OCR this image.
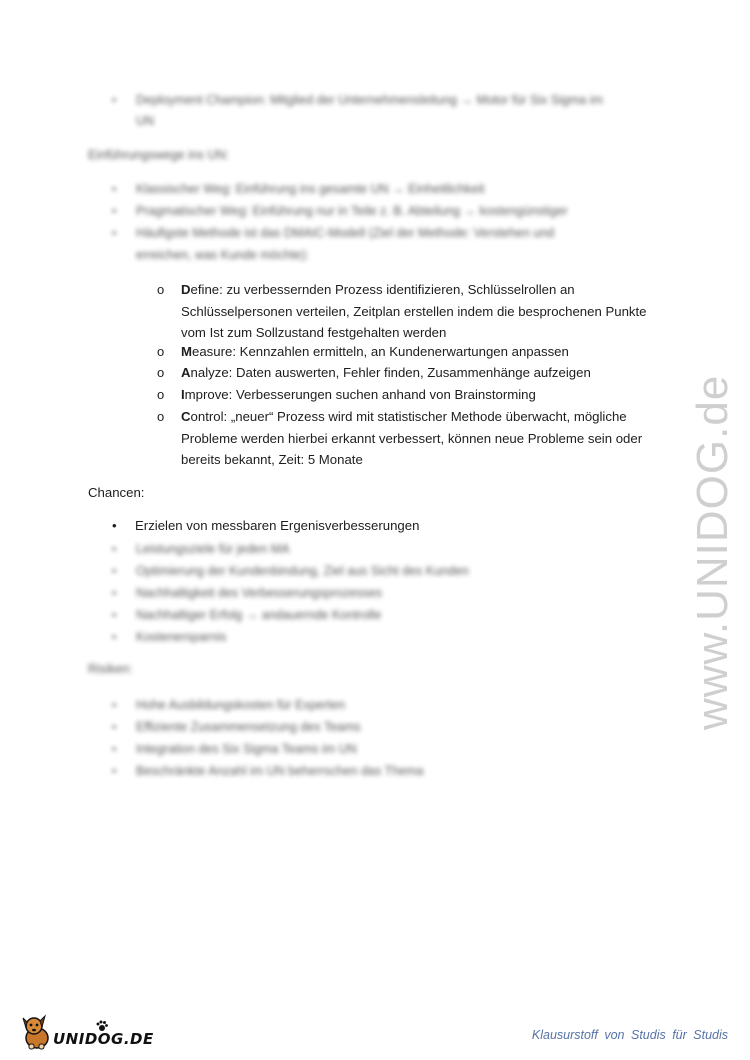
• Deployment Champion: Mitglied der Unternehmensleitung → Motor für Six Sigma im
UN
Einführungswege ins UN:
• Klassischer Weg: Einführung ins gesamte UN → Einheitlichkeit
• Pragmatischer Weg: Einführung nur in Teile z. B. Abteilung → kostengünstiger
• Häufigste Methode ist das DMAIC-Modell (Ziel der Methode: Verstehen und
erreichen, was Kunde möchte):
o Define: zu verbessernden Prozess identifizieren, Schlüsselrollen an Schlüsselpersonen verteilen, Zeitplan erstellen indem die besprochenen Punkte vom Ist zum Sollzustand festgehalten werden
o Measure: Kennzahlen ermitteln, an Kundenerwartungen anpassen
o Analyze: Daten auswerten, Fehler finden, Zusammenhänge aufzeigen
o Improve: Verbesserungen suchen anhand von Brainstorming
o Control: „neuer“ Prozess wird mit statistischer Methode überwacht, mögliche Probleme werden hierbei erkannt verbessert, können neue Probleme sein oder bereits bekannt, Zeit: 5 Monate
Chancen:
• Erzielen von messbaren Ergenisverbesserungen
• Leistungsziele für jeden MA
• Optimierung der Kundenbindung, Ziel aus Sicht des Kunden
• Nachhaltigkeit des Verbesserungsprozesses
• Nachhaltiger Erfolg → andauernde Kontrolle
• Kostenersparnis
Risiken:
• Hohe Ausbildungskosten für Experten
• Effiziente Zusammensetzung des Teams
• Integration des Six Sigma Teams im UN
• Beschränkte Anzahl im UN beherrschen das Thema
www.UNIDOG.de
UNIDOG.DE	Klausurstoff von Studis für Studis
